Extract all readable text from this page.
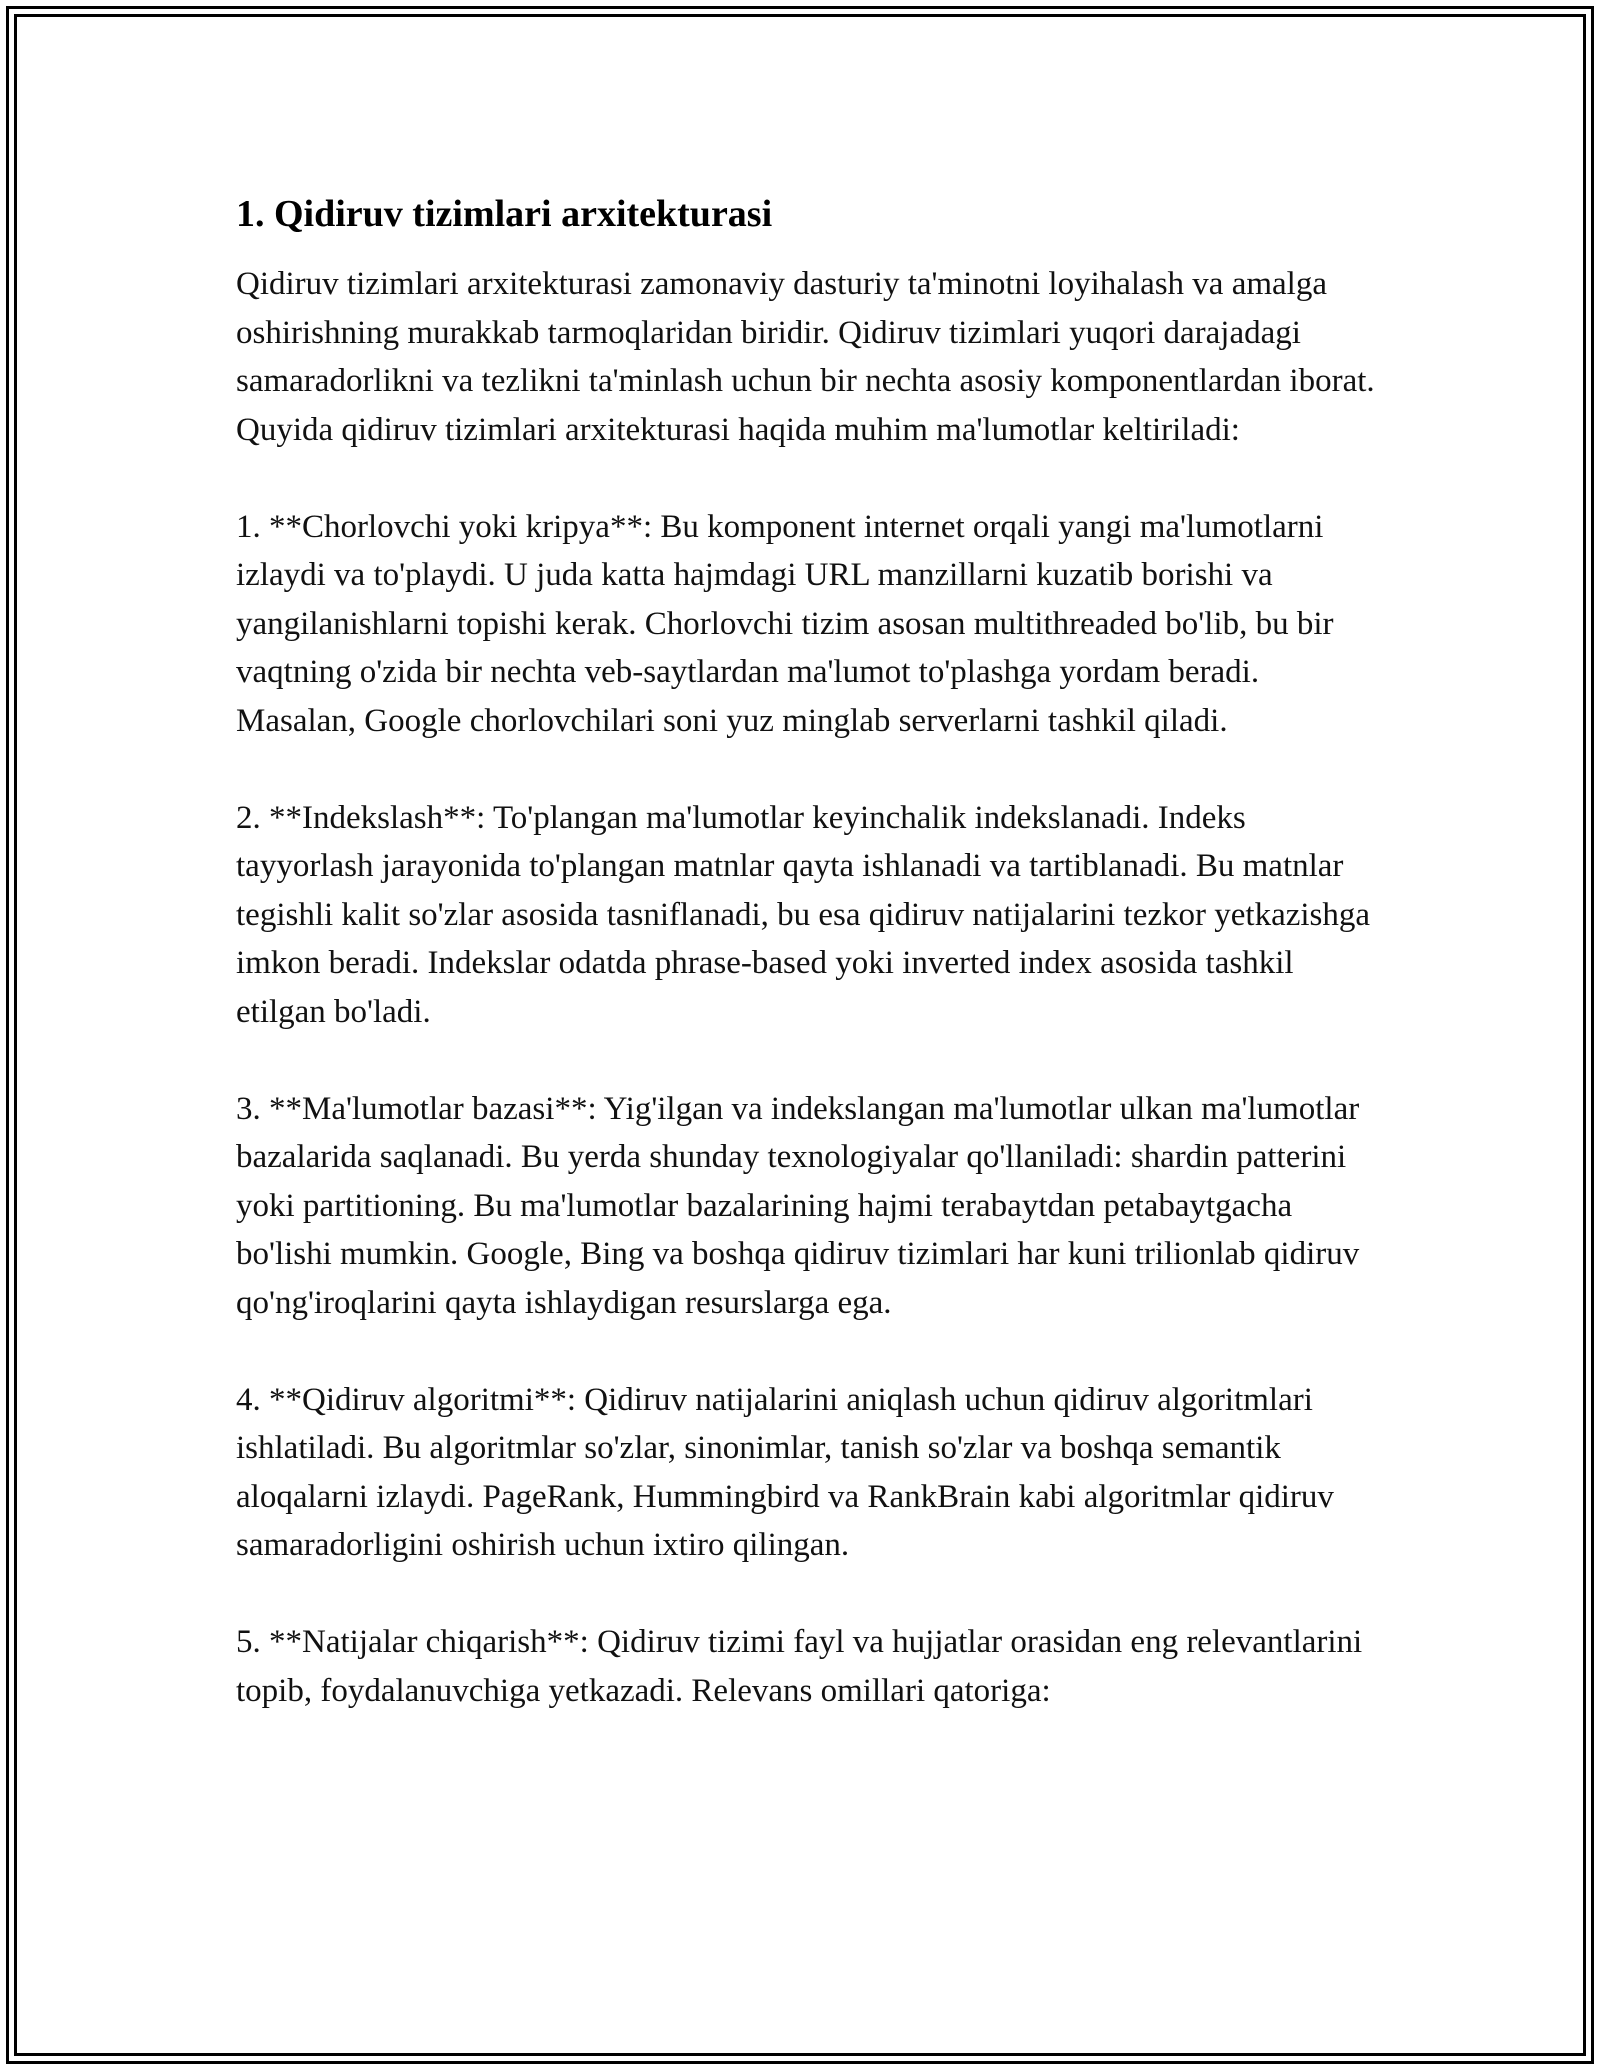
1. Qidiruv tizimlari arxitekturasi

Qidiruv tizimlari arxitekturasi zamonaviy dasturiy ta'minotni loyihalash va amalga oshirishning murakkab tarmoqlaridan biridir. Qidiruv tizimlari yuqori darajadagi samaradorlikni va tezlikni ta'minlash uchun bir nechta asosiy komponentlardan iborat. Quyida qidiruv tizimlari arxitekturasi haqida muhim ma'lumotlar keltiriladi:

1. **Chorlovchi yoki kripya**: Bu komponent internet orqali yangi ma'lumotlarni izlaydi va to'playdi. U juda katta hajmdagi URL manzillarni kuzatib borishi va yangilanishlarni topishi kerak. Chorlovchi tizim asosan multithreaded bo'lib, bu bir vaqtning o'zida bir nechta veb-saytlardan ma'lumot to'plashga yordam beradi. Masalan, Google chorlovchilari soni yuz minglab serverlarni tashkil qiladi.

2. **Indekslash**: To'plangan ma'lumotlar keyinchalik indekslanadi. Indeks tayyorlash jarayonida to'plangan matnlar qayta ishlanadi va tartiblanadi. Bu matnlar tegishli kalit so'zlar asosida tasniflanadi, bu esa qidiruv natijalarini tezkor yetkazishga imkon beradi. Indekslar odatda phrase-based yoki inverted index asosida tashkil etilgan bo'ladi.

3. **Ma'lumotlar bazasi**: Yig'ilgan va indekslangan ma'lumotlar ulkan ma'lumotlar bazalarida saqlanadi. Bu yerda shunday texnologiyalar qo'llaniladi: shardin patterini yoki partitioning. Bu ma'lumotlar bazalarining hajmi terabaytdan petabaytgacha bo'lishi mumkin. Google, Bing va boshqa qidiruv tizimlari har kuni trilionlab qidiruv qo'ng'iroqlarini qayta ishlaydigan resurslarga ega.

4. **Qidiruv algoritmi**: Qidiruv natijalarini aniqlash uchun qidiruv algoritmlari ishlatiladi. Bu algoritmlar so'zlar, sinonimlar, tanish so'zlar va boshqa semantik aloqalarni izlaydi. PageRank, Hummingbird va RankBrain kabi algoritmlar qidiruv samaradorligini oshirish uchun ixtiro qilingan.

5. **Natijalar chiqarish**: Qidiruv tizimi fayl va hujjatlar orasidan eng relevantlarini topib, foydalanuvchiga yetkazadi. Relevans omillari qatoriga:
